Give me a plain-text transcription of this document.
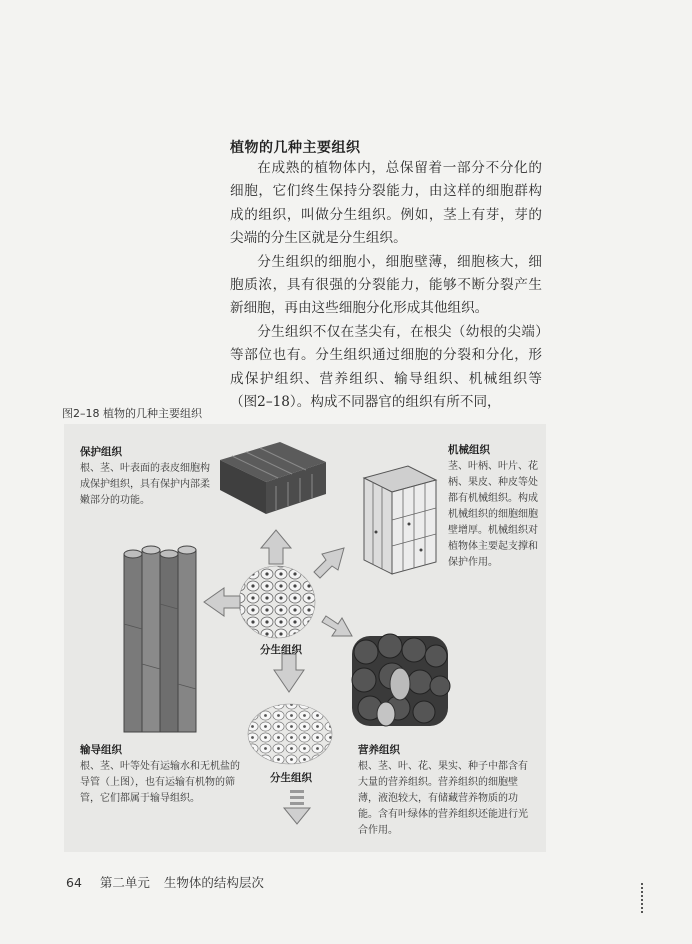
植物的几种主要组织

在成熟的植物体内，总保留着一部分不分化的细胞，它们终生保持分裂能力，由这样的细胞群构成的组织，叫做分生组织。例如，茎上有芽，芽的尖端的分生区就是分生组织。

分生组织的细胞小，细胞壁薄，细胞核大，细胞质浓，具有很强的分裂能力，能够不断分裂产生新细胞，再由这些细胞分化形成其他组织。

分生组织不仅在茎尖有，在根尖（幼根的尖端）等部位也有。分生组织通过细胞的分裂和分化，形成保护组织、营养组织、输导组织、机械组织等（图2–18）。构成不同器官的组织有所不同，

图2–18 植物的几种主要组织
保护组织
根、茎、叶表面的表皮细胞构成保护组织，具有保护内部柔嫩部分的功能。
机械组织
茎、叶柄、叶片、花柄、果皮、种皮等处都有机械组织。构成机械组织的细胞细胞壁增厚。机械组织对植物体主要起支撑和保护作用。
输导组织
根、茎、叶等处有运输水和无机盐的导管（上图），也有运输有机物的筛管，它们都属于输导组织。
营养组织
根、茎、叶、花、果实、种子中都含有大量的营养组织。营养组织的细胞壁薄，液泡较大，有储藏营养物质的功能。含有叶绿体的营养组织还能进行光合作用。
分生组织
分生组织
64 第二单元 生物体的结构层次
